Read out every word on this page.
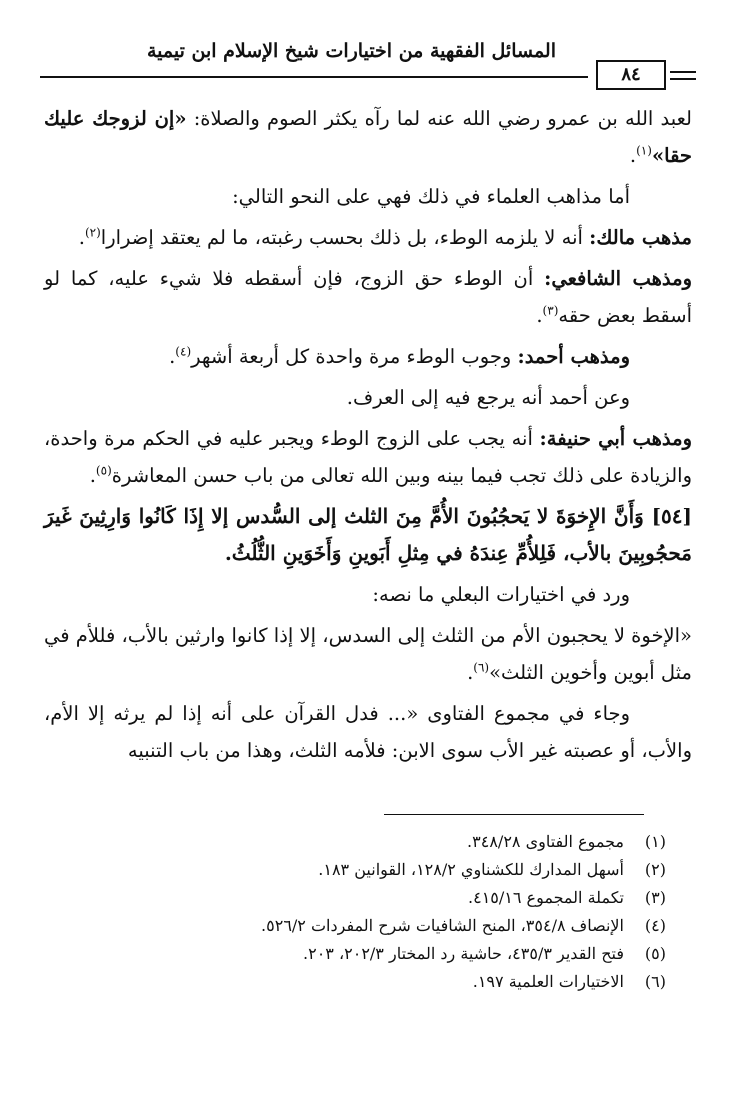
المسائل الفقهية من اختيارات شيخ الإسلام ابن تيمية
٨٤

لعبد الله بن عمرو رضي الله عنه لما رآه يكثر الصوم والصلاة: «إن لزوجك عليك حقا»$^{(١)}$.

أما مذاهب العلماء في ذلك فهي على النحو التالي:

مذهب مالك: أنه لا يلزمه الوطء، بل ذلك بحسب رغبته، ما لم يعتقد إضرارا$^{(٢)}$.

ومذهب الشافعي: أن الوطء حق الزوج، فإن أسقطه فلا شيء عليه، كما لو أسقط بعض حقه$^{(٣)}$.

ومذهب أحمد: وجوب الوطء مرة واحدة كل أربعة أشهر$^{(٤)}$.

وعن أحمد أنه يرجع فيه إلى العرف.

ومذهب أبي حنيفة: أنه يجب على الزوج الوطء ويجبر عليه في الحكم مرة واحدة، والزيادة على ذلك تجب فيما بينه وبين الله تعالى من باب حسن المعاشرة$^{(٥)}$.

[٥٤] وَأَنَّ الإِخوَةَ لا يَحجُبُونَ الأُمَّ مِنَ الثلث إلى السُّدس إلا إِذَا كَانُوا وَارِثِينَ غَيرَ مَحجُوبِينَ بالأب، فَلِلأُمِّ عِندَهُ في مِثلِ أَبَوينِ وَأَخَوَينِ الثُّلُثُ.

ورد في اختيارات البعلي ما نصه:

«الإخوة لا يحجبون الأم من الثلث إلى السدس، إلا إذا كانوا وارثين بالأب، فللأم في مثل أبوين وأخوين الثلث»$^{(٦)}$.

وجاء في مجموع الفتاوى «... فدل القرآن على أنه إذا لم يرثه إلا الأم، والأب، أو عصبته غير الأب سوى الابن: فلأمه الثلث، وهذا من باب التنبيه

(١)
مجموع الفتاوى ٣٤٨/٢٨.
(٢)
أسهل المدارك للكشناوي ١٢٨/٢، القوانين ١٨٣.
(٣)
تكملة المجموع ٤١٥/١٦.
(٤)
الإنصاف ٣٥٤/٨، المنح الشافيات شرح المفردات ٥٢٦/٢.
(٥)
فتح القدير ٤٣٥/٣، حاشية رد المختار ٢٠٢/٣، ٢٠٣.
(٦)
الاختيارات العلمية ١٩٧.
